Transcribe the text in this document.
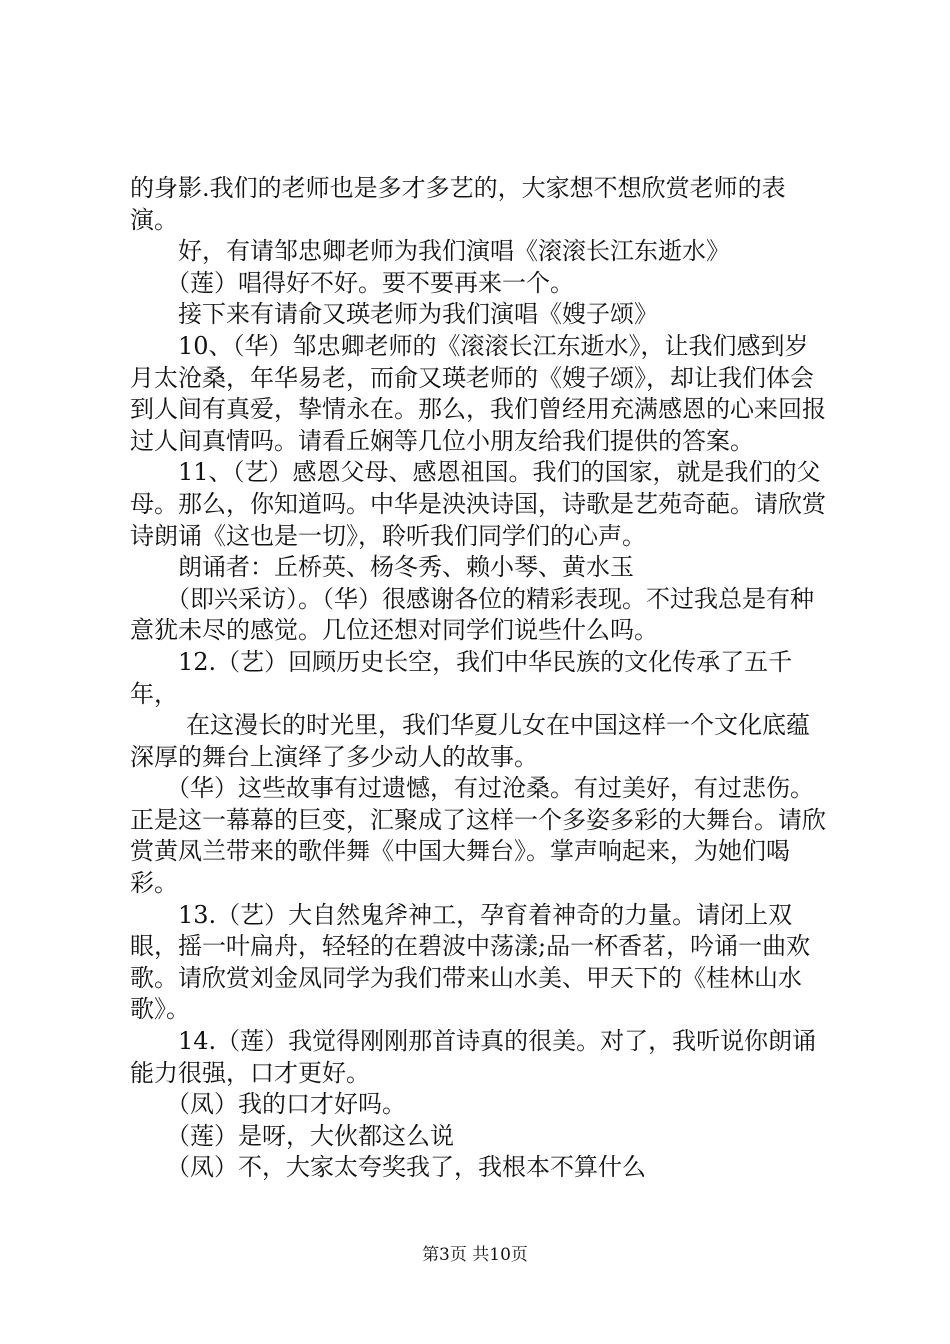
的身影.我们的老师也是多才多艺的，大家想不想欣赏老师的表演。

好，有请邹忠卿老师为我们演唱《滚滚长江东逝水》

（莲）唱得好不好。要不要再来一个。

接下来有请俞又瑛老师为我们演唱《嫂子颂》

10、（华）邹忠卿老师的《滚滚长江东逝水》，让我们感到岁月太沧桑，年华易老，而俞又瑛老师的《嫂子颂》，却让我们体会到人间有真爱，挚情永在。那么，我们曾经用充满感恩的心来回报过人间真情吗。请看丘娴等几位小朋友给我们提供的答案。

11、（艺）感恩父母、感恩祖国。我们的国家，就是我们的父母。那么，你知道吗。中华是泱泱诗国，诗歌是艺苑奇葩。请欣赏诗朗诵《这也是一切》，聆听我们同学们的心声。

朗诵者：丘桥英、杨冬秀、赖小琴、黄水玉

（即兴采访）。（华）很感谢各位的精彩表现。不过我总是有种意犹未尽的感觉。几位还想对同学们说些什么吗。

12.（艺）回顾历史长空，我们中华民族的文化传承了五千年，

在这漫长的时光里，我们华夏儿女在中国这样一个文化底蕴深厚的舞台上演绎了多少动人的故事。

（华）这些故事有过遗憾，有过沧桑。有过美好，有过悲伤。正是这一幕幕的巨变，汇聚成了这样一个多姿多彩的大舞台。请欣赏黄凤兰带来的歌伴舞《中国大舞台》。掌声响起来，为她们喝彩。

13.（艺）大自然鬼斧神工，孕育着神奇的力量。请闭上双眼，摇一叶扁舟，轻轻的在碧波中荡漾;品一杯香茗，吟诵一曲欢歌。请欣赏刘金凤同学为我们带来山水美、甲天下的《桂林山水歌》。

14.（莲）我觉得刚刚那首诗真的很美。对了，我听说你朗诵能力很强，口才更好。

（凤）我的口才好吗。

（莲）是呀，大伙都这么说

（凤）不，大家太夸奖我了，我根本不算什么

第3页 共10页
